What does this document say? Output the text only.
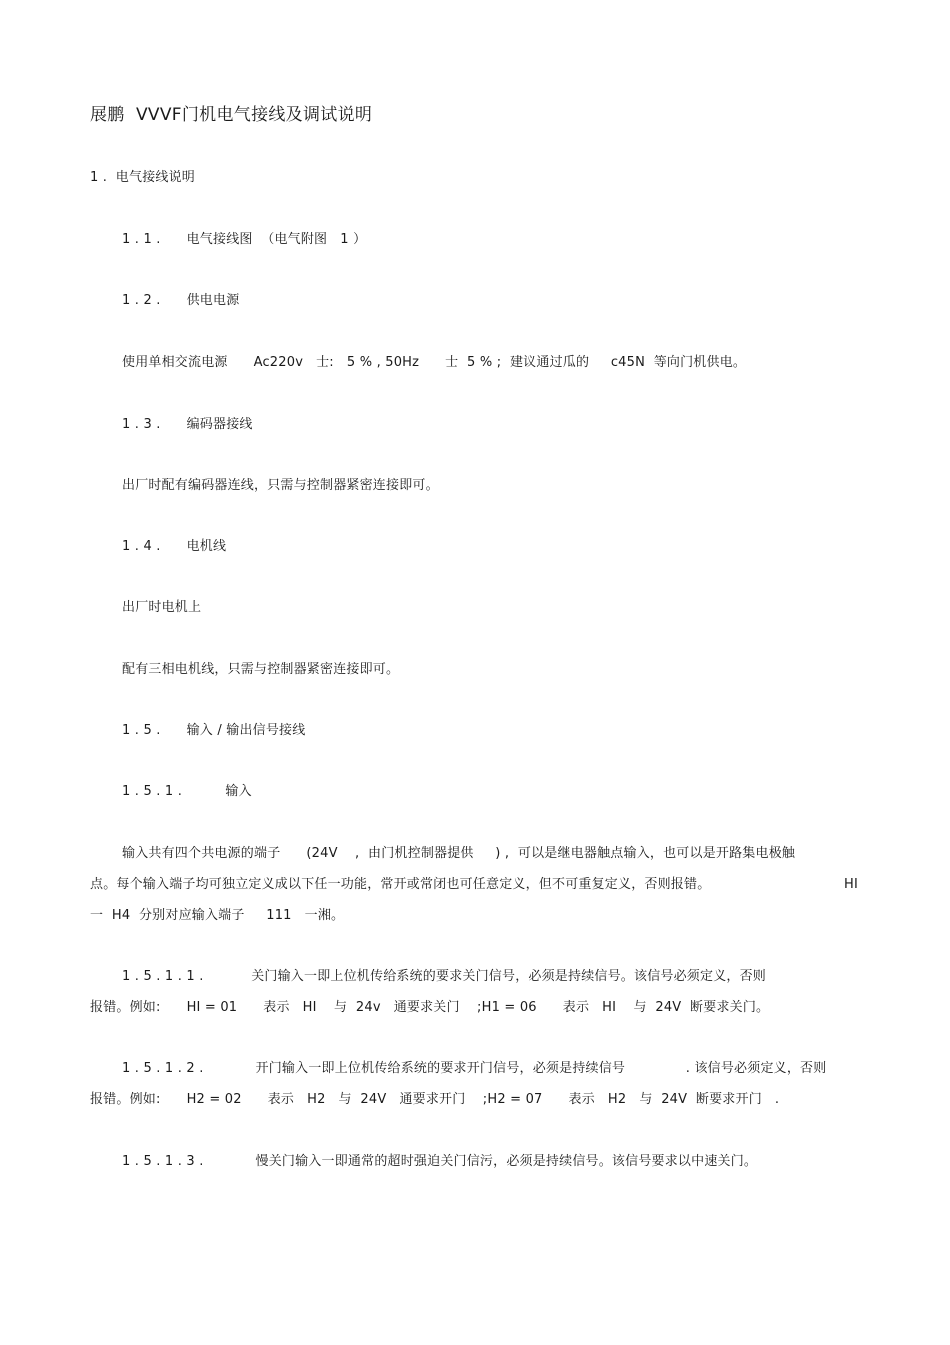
展鹏  VVVF门机电气接线及调试说明
1 .  电气接线说明
1 . 1 .      电气接线图  （电气附图   1 ）
1 . 2 .      供电电源
使用单相交流电源      Ac220v   士:   5 % , 50Hz      士  5 % ;  建议通过瓜的     c45N  等向门机供电。
1 . 3 .      编码器接线
出厂时配有编码器连线，只需与控制器紧密连接即可。
1 . 4 .      电机线
出厂时电机上
配有三相电机线，只需与控制器紧密连接即可。
1 . 5 .      输入 / 输出信号接线
1 . 5 . 1 .          输入
输入共有四个共电源的端子      (24V    ,  由门机控制器提供     ) ,  可以是继电器触点输入，也可以是开路集电极触
点。每个输入端子均可独立定义成以下任一功能，常开或常闭也可任意定义，但不可重复定义，否则报错。	HI
一  H4  分别对应输入端子     111   一湘。
1 . 5 . 1 . 1 .           关门输入一即上位机传给系统的要求关门信号，必须是持续信号。该信号必须定义，否则
报错。例如:      HI = 01      表示   HI    与  24v   通要求关门    ;H1 = 06      表示   HI    与  24V  断要求关门。
1 . 5 . 1 . 2 .            开门输入一即上位机传给系统的要求开门信号，必须是持续信号              . 该信号必须定义，否则
报错。例如:      H2 = 02      表示   H2   与  24V   通要求开门    ;H2 = 07      表示   H2   与  24V  断要求开门   .
1 . 5 . 1 . 3 .            慢关门输入一即通常的超时强迫关门信污，必须是持续信号。该信号要求以中速关门。
